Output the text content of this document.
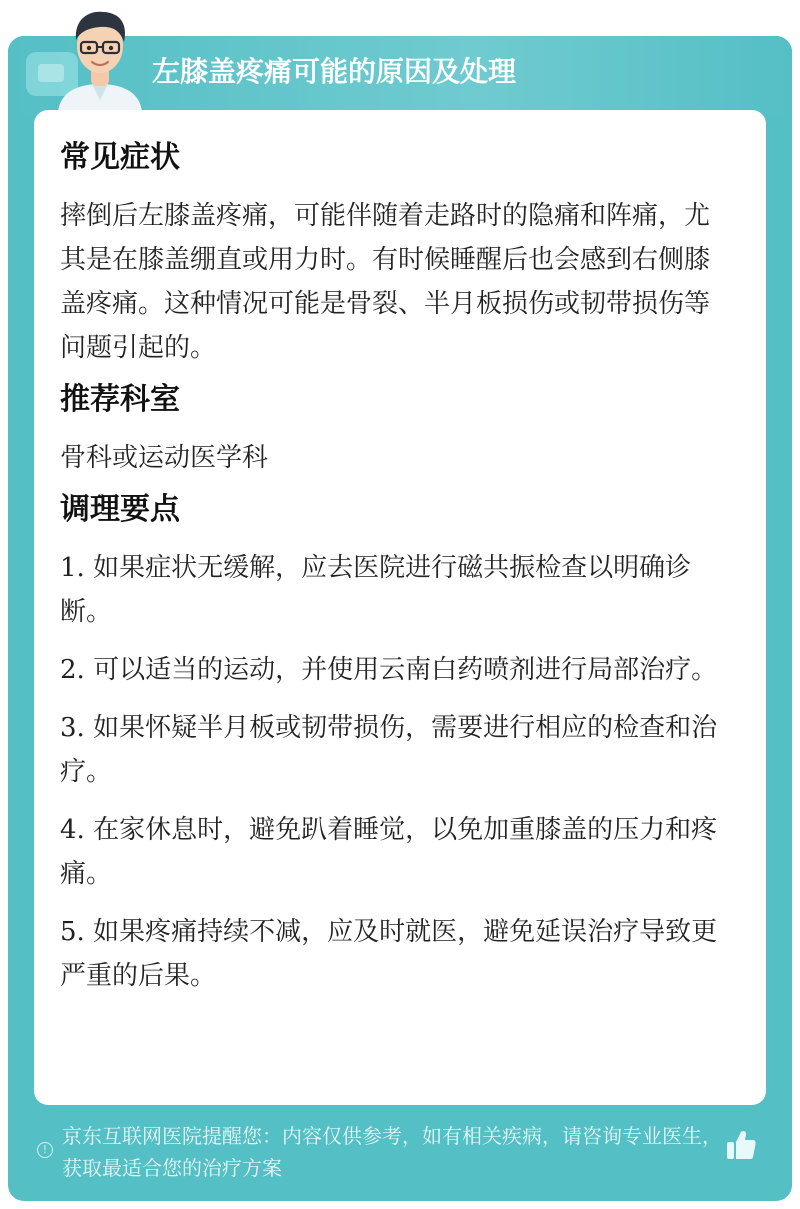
左膝盖疼痛可能的原因及处理
常见症状

摔倒后左膝盖疼痛，可能伴随着走路时的隐痛和阵痛，尤其是在膝盖绷直或用力时。有时候睡醒后也会感到右侧膝盖疼痛。这种情况可能是骨裂、半月板损伤或韧带损伤等问题引起的。

推荐科室

骨科或运动医学科

调理要点

1. 如果症状无缓解，应去医院进行磁共振检查以明确诊断。

2. 可以适当的运动，并使用云南白药喷剂进行局部治疗。

3. 如果怀疑半月板或韧带损伤，需要进行相应的检查和治疗。

4. 在家休息时，避免趴着睡觉，以免加重膝盖的压力和疼痛。

5. 如果疼痛持续不减，应及时就医，避免延误治疗导致更严重的后果。

!
京东互联网医院提醒您：内容仅供参考，如有相关疾病，请咨询专业医生，获取最适合您的治疗方案
